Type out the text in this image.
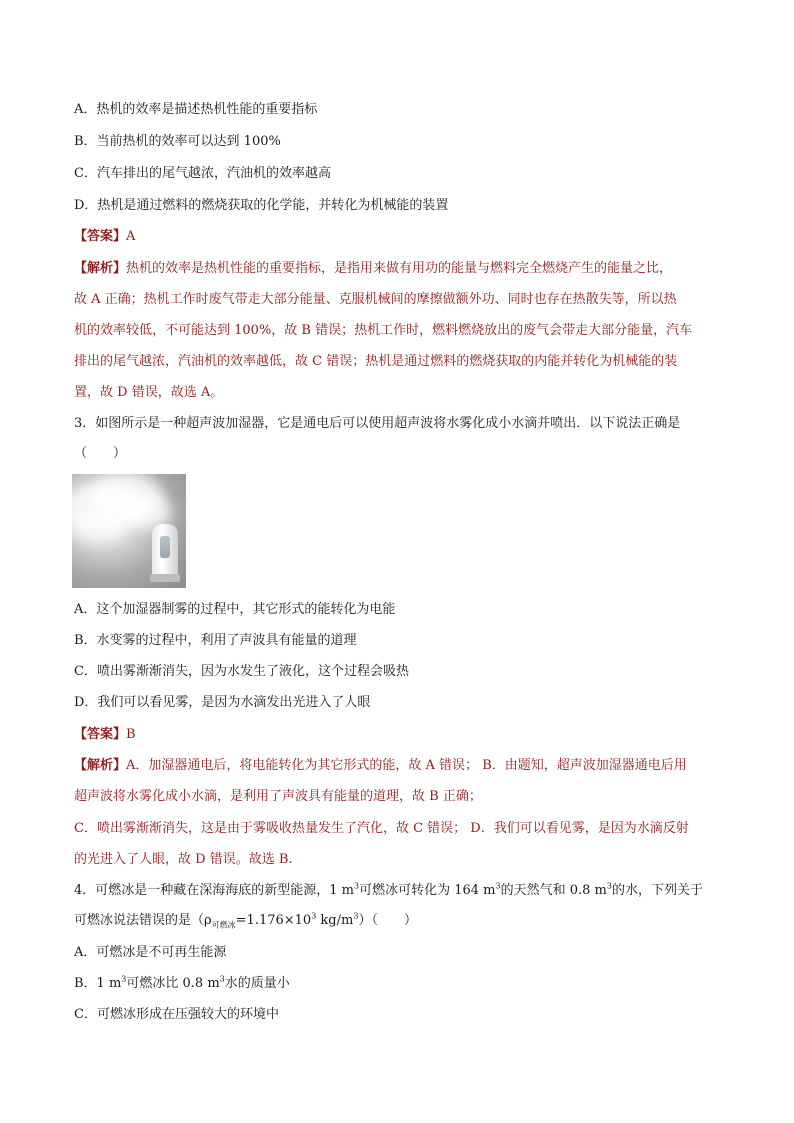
A．热机的效率是描述热机性能的重要指标
B．当前热机的效率可以达到 100%
C．汽车排出的尾气越浓，汽油机的效率越高
D．热机是通过燃料的燃烧获取的化学能，并转化为机械能的装置
【答案】A
【解析】热机的效率是热机性能的重要指标，是指用来做有用功的能量与燃料完全燃烧产生的能量之比，
故 A 正确；热机工作时废气带走大部分能量、克服机械间的摩擦做额外功、同时也存在热散失等，所以热
机的效率较低，不可能达到 100%，故 B 错误；热机工作时，燃料燃烧放出的废气会带走大部分能量，汽车
排出的尾气越浓，汽油机的效率越低，故 C 错误；热机是通过燃料的燃烧获取的内能并转化为机械能的装
置，故 D 错误，故选 A。
3．如图所示是一种超声波加湿器，它是通电后可以使用超声波将水雾化成小水滴并喷出．以下说法正确是
（　　）
A．这个加湿器制雾的过程中，其它形式的能转化为电能
B．水变雾的过程中，利用了声波具有能量的道理
C．喷出雾渐渐消失，因为水发生了液化，这个过程会吸热
D．我们可以看见雾，是因为水滴发出光进入了人眼
【答案】B
【解析】A．加湿器通电后，将电能转化为其它形式的能，故 A 错误； B．由题知，超声波加湿器通电后用
超声波将水雾化成小水滴，是利用了声波具有能量的道理，故 B 正确；
C．喷出雾渐渐消失，这是由于雾吸收热量发生了汽化，故 C 错误； D．我们可以看见雾，是因为水滴反射
的光进入了人眼，故 D 错误。故选 B.
4．可燃冰是一种藏在深海海底的新型能源，1 $m^3$可燃冰可转化为 164 $m^3$的天然气和 0.8 $m^3$的水，下列关于
可燃冰说法错误的是（$\rho_{可燃冰}=1.176\times 10^3$ $kg/m^3$）（　　）
A．可燃冰是不可再生能源
B．1 $m^3$可燃冰比 0.8 $m^3$水的质量小
C．可燃冰形成在压强较大的环境中
